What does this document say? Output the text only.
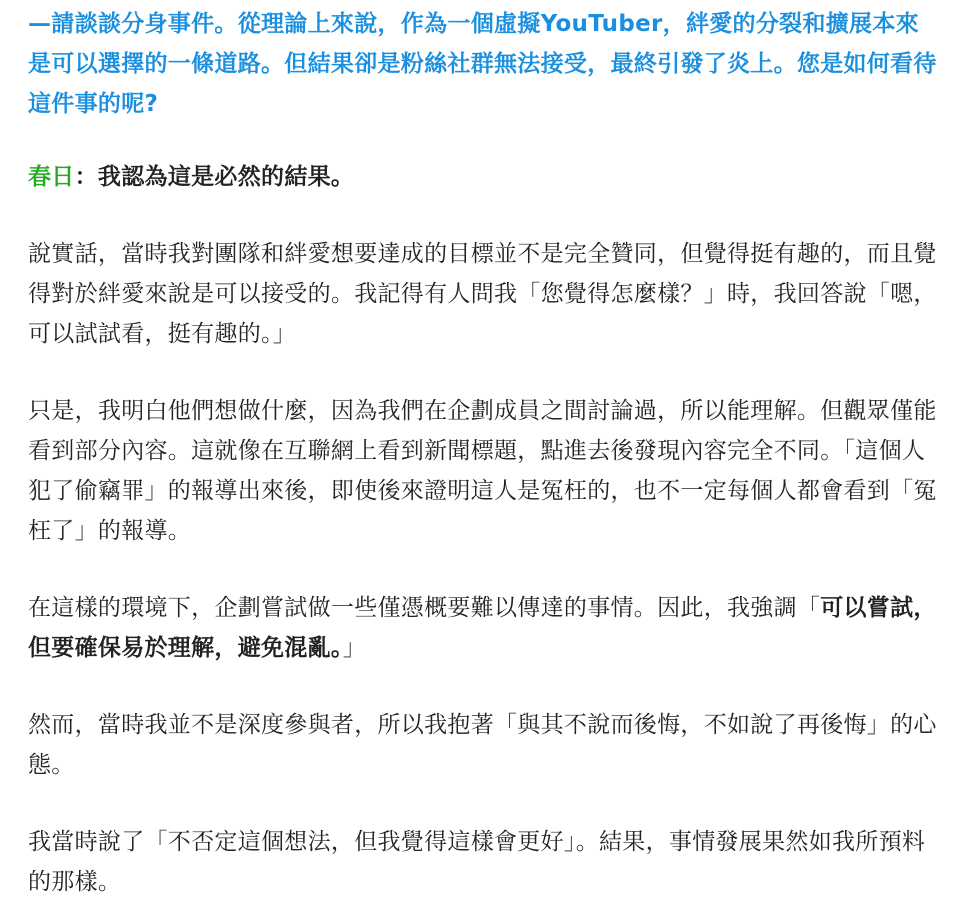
—請談談分身事件。從理論上來說，作為一個虛擬YouTuber，絆愛的分裂和擴展本來是可以選擇的一條道路。但結果卻是粉絲社群無法接受，最終引發了炎上。您是如何看待這件事的呢?

春日：我認為這是必然的結果。

說實話，當時我對團隊和絆愛想要達成的目標並不是完全贊同，但覺得挺有趣的，而且覺得對於絆愛來說是可以接受的。我記得有人問我「您覺得怎麼樣？」時，我回答說「嗯，可以試試看，挺有趣的。」

只是，我明白他們想做什麼，因為我們在企劃成員之間討論過，所以能理解。但觀眾僅能看到部分內容。這就像在互聯網上看到新聞標題，點進去後發現內容完全不同。「這個人犯了偷竊罪」的報導出來後，即使後來證明這人是冤枉的，也不一定每個人都會看到「冤枉了」的報導。

在這樣的環境下，企劃嘗試做一些僅憑概要難以傳達的事情。因此，我強調「可以嘗試，但要確保易於理解，避免混亂。」

然而，當時我並不是深度參與者，所以我抱著「與其不說而後悔，不如說了再後悔」的心態。

我當時說了「不否定這個想法，但我覺得這樣會更好」。結果，事情發展果然如我所預料的那樣。
